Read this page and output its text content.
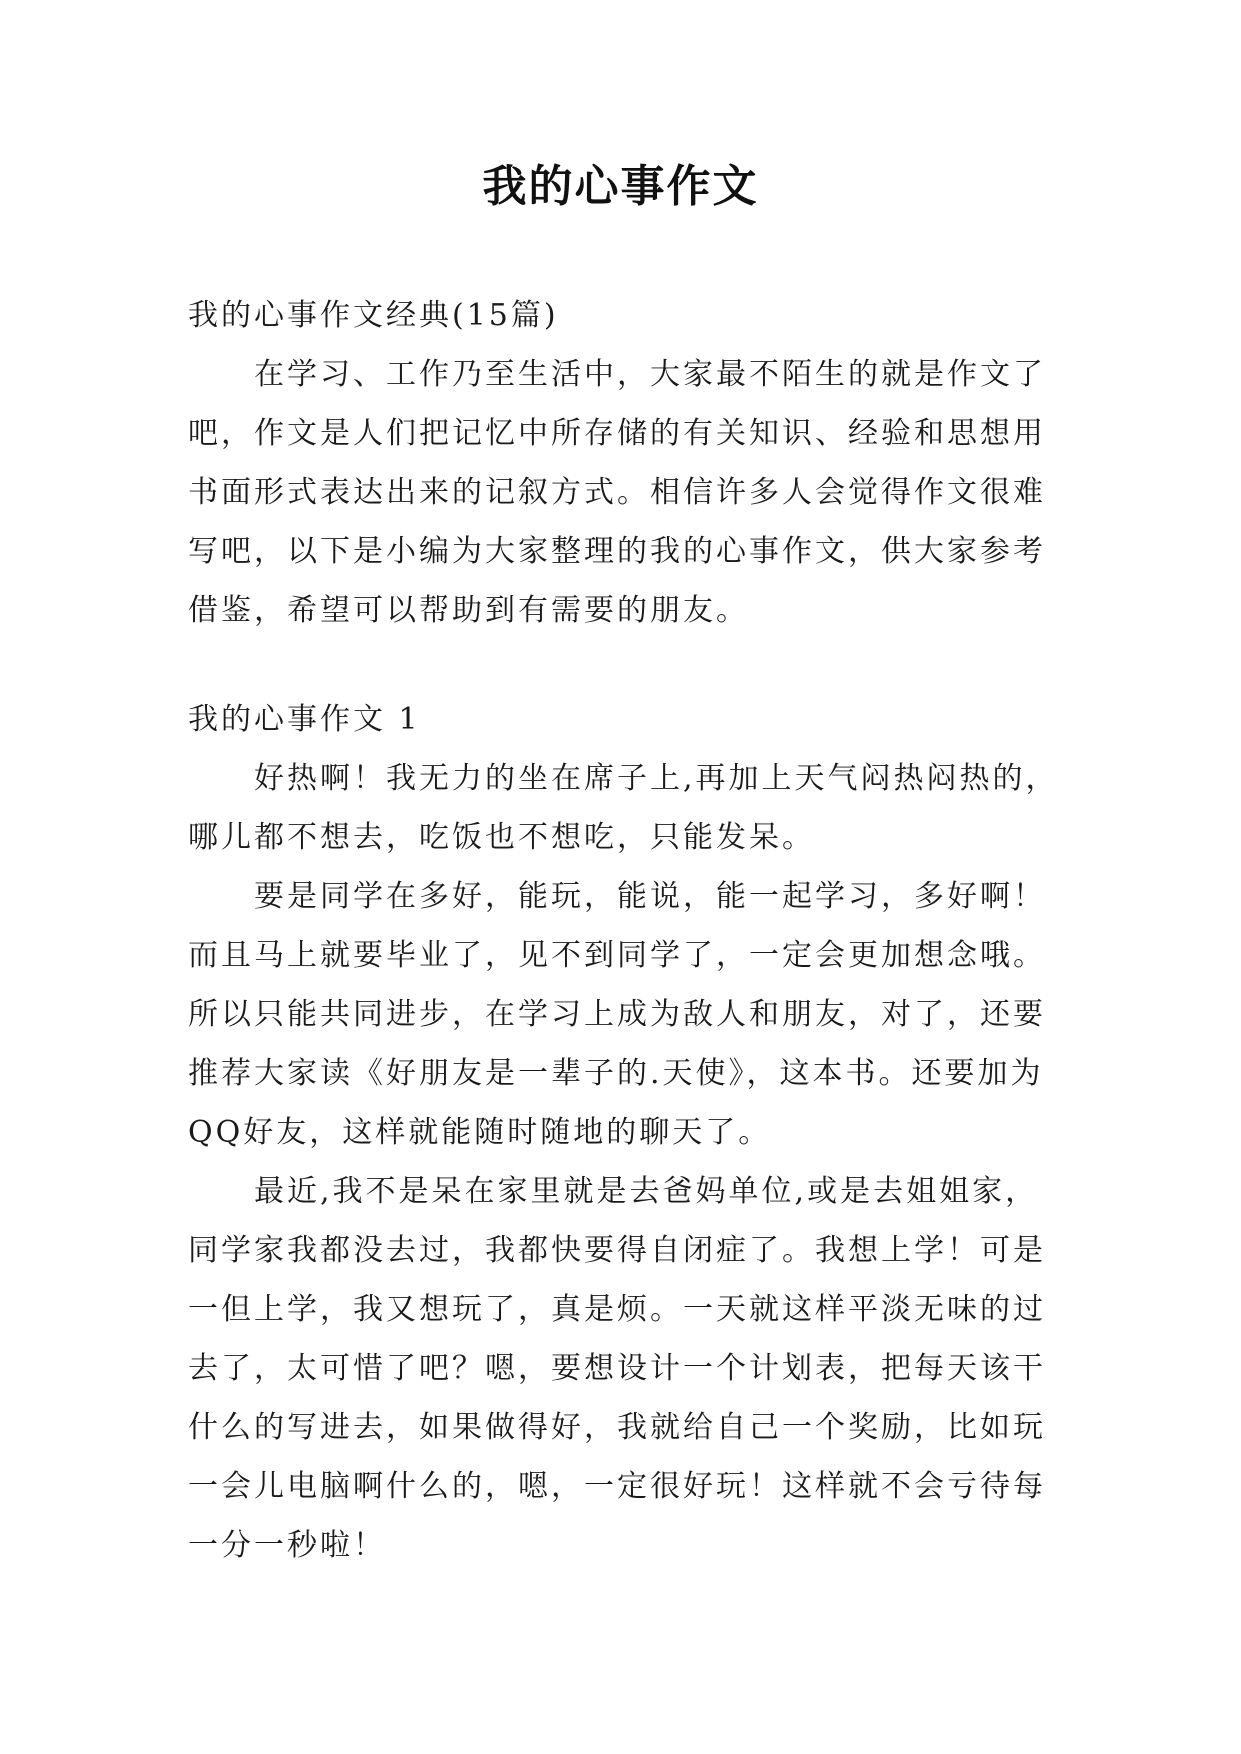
我的心事作文

我的心事作文经典(15篇)

在学习、工作乃至生活中，大家最不陌生的就是作文了吧，作文是人们把记忆中所存储的有关知识、经验和思想用书面形式表达出来的记叙方式。相信许多人会觉得作文很难写吧，以下是小编为大家整理的我的心事作文，供大家参考借鉴，希望可以帮助到有需要的朋友。

我的心事作文 1

好热啊！我无力的坐在席子上,再加上天气闷热闷热的，哪儿都不想去，吃饭也不想吃，只能发呆。

要是同学在多好，能玩，能说，能一起学习，多好啊！而且马上就要毕业了，见不到同学了，一定会更加想念哦。所以只能共同进步，在学习上成为敌人和朋友，对了，还要推荐大家读《好朋友是一辈子的.天使》，这本书。还要加为QQ好友，这样就能随时随地的聊天了。

最近,我不是呆在家里就是去爸妈单位,或是去姐姐家，同学家我都没去过，我都快要得自闭症了。我想上学！可是一但上学，我又想玩了，真是烦。一天就这样平淡无味的过去了，太可惜了吧？嗯，要想设计一个计划表，把每天该干什么的写进去，如果做得好，我就给自己一个奖励，比如玩一会儿电脑啊什么的，嗯，一定很好玩！这样就不会亏待每一分一秒啦！
